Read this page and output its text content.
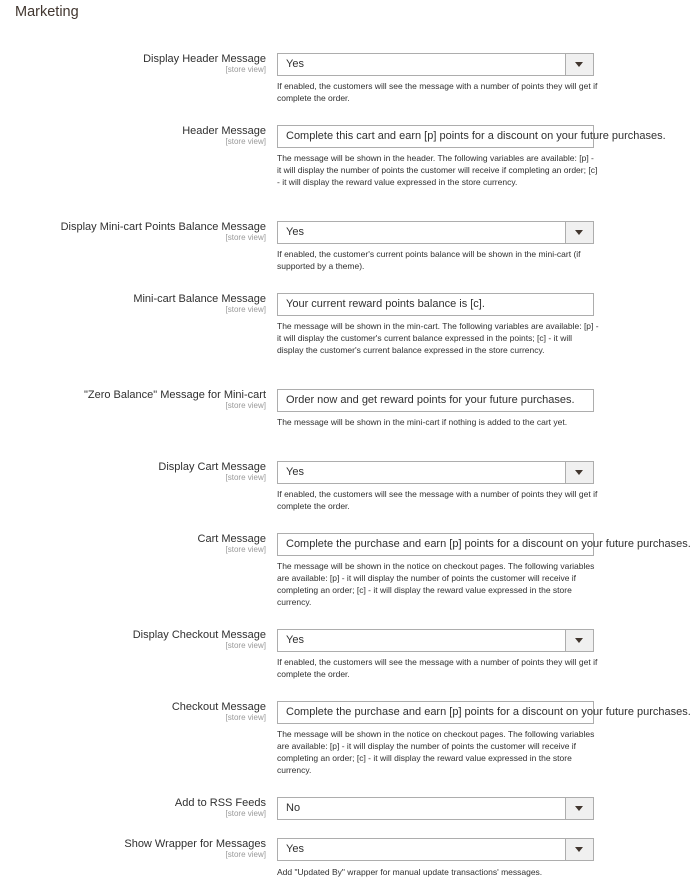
Marketing
Display Header Message
[store view]	Yes
If enabled, the customers will see the message with a number of points they will get if complete the order.
Header Message
[store view]	Complete this cart and earn [p] points for a discount on your future purchases.
The message will be shown in the header. The following variables are available: [p] - it will display the number of points the customer will receive if completing an order; [c] - it will display the reward value expressed in the store currency.
Display Mini-cart Points Balance Message
[store view]	Yes
If enabled, the customer's current points balance will be shown in the mini-cart (if supported by a theme).
Mini-cart Balance Message
[store view]	Your current reward points balance is [c].
The message will be shown in the min-cart. The following variables are available: [p] - it will display the customer's current balance expressed in the points; [c] - it will display the customer's current balance expressed in the store currency.
"Zero Balance" Message for Mini-cart
[store view]	Order now and get reward points for your future purchases.
The message will be shown in the mini-cart if nothing is added to the cart yet.
Display Cart Message
[store view]	Yes
If enabled, the customers will see the message with a number of points they will get if complete the order.
Cart Message
[store view]	Complete the purchase and earn [p] points for a discount on your future purchases.
The message will be shown in the notice on checkout pages. The following variables are available: [p] - it will display the number of points the customer will receive if completing an order; [c] - it will display the reward value expressed in the store currency.
Display Checkout Message
[store view]	Yes
If enabled, the customers will see the message with a number of points they will get if complete the order.
Checkout Message
[store view]	Complete the purchase and earn [p] points for a discount on your future purchases.
The message will be shown in the notice on checkout pages. The following variables are available: [p] - it will display the number of points the customer will receive if completing an order; [c] - it will display the reward value expressed in the store currency.
Add to RSS Feeds
[store view]	No
Show Wrapper for Messages
[store view]	Yes
Add "Updated By" wrapper for manual update transactions' messages.
